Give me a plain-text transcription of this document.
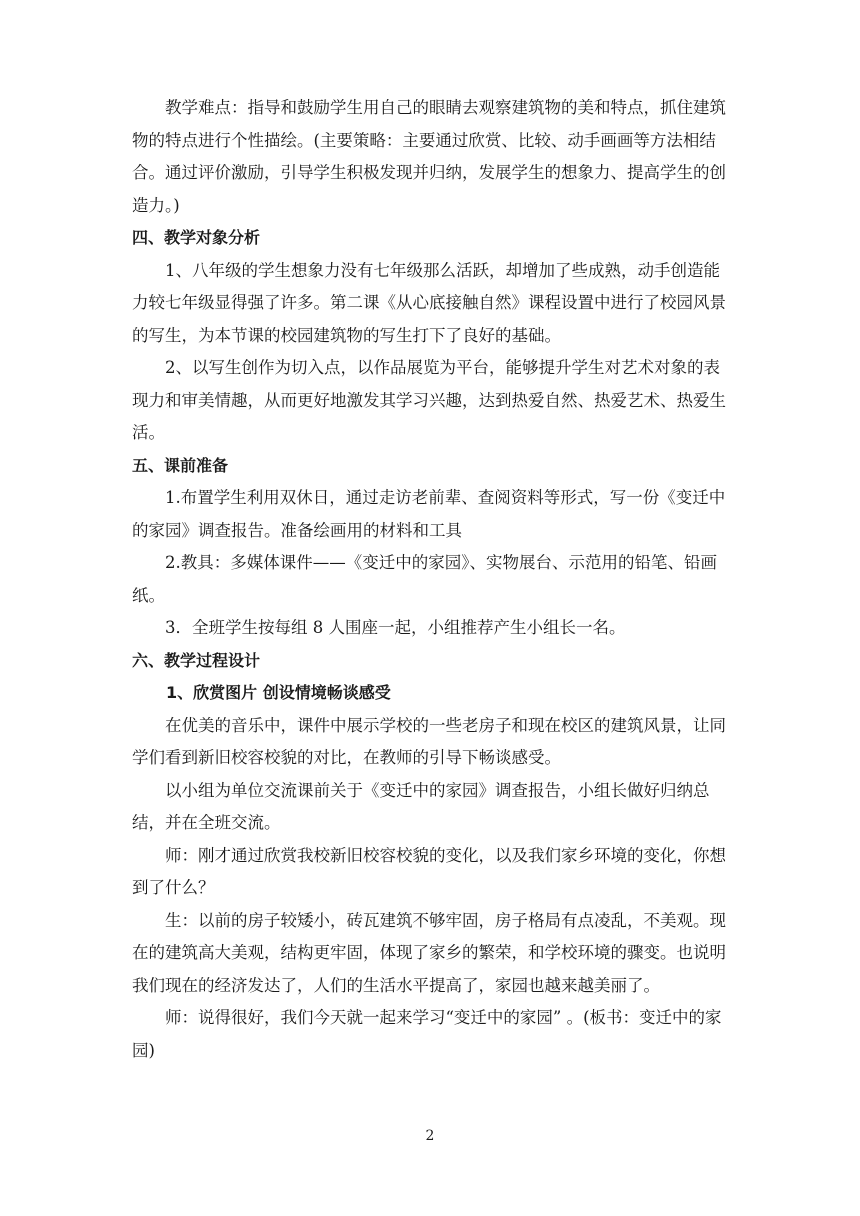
教学难点：指导和鼓励学生用自己的眼睛去观察建筑物的美和特点，抓住建筑物的特点进行个性描绘。(主要策略：主要通过欣赏、比较、动手画画等方法相结合。通过评价激励，引导学生积极发现并归纳，发展学生的想象力、提高学生的创造力。)

四、教学对象分析

1、八年级的学生想象力没有七年级那么活跃，却增加了些成熟，动手创造能力较七年级显得强了许多。第二课《从心底接触自然》课程设置中进行了校园风景的写生，为本节课的校园建筑物的写生打下了良好的基础。

2、以写生创作为切入点，以作品展览为平台，能够提升学生对艺术对象的表现力和审美情趣，从而更好地激发其学习兴趣，达到热爱自然、热爱艺术、热爱生活。

五、课前准备

1.布置学生利用双休日，通过走访老前辈、查阅资料等形式，写一份《变迁中的家园》调查报告。准备绘画用的材料和工具

2.教具：多媒体课件——《变迁中的家园》、实物展台、示范用的铅笔、铅画纸。

3．全班学生按每组 8 人围座一起，小组推荐产生小组长一名。

六、教学过程设计

1、欣赏图片 创设情境畅谈感受

在优美的音乐中，课件中展示学校的一些老房子和现在校区的建筑风景，让同学们看到新旧校容校貌的对比，在教师的引导下畅谈感受。

以小组为单位交流课前关于《变迁中的家园》调查报告，小组长做好归纳总结，并在全班交流。

师：刚才通过欣赏我校新旧校容校貌的变化，以及我们家乡环境的变化，你想到了什么？

生：以前的房子较矮小，砖瓦建筑不够牢固，房子格局有点凌乱，不美观。现在的建筑高大美观，结构更牢固，体现了家乡的繁荣，和学校环境的骤变。也说明我们现在的经济发达了，人们的生活水平提高了，家园也越来越美丽了。

师：说得很好，我们今天就一起来学习“变迁中的家园” 。(板书：变迁中的家园)

2
